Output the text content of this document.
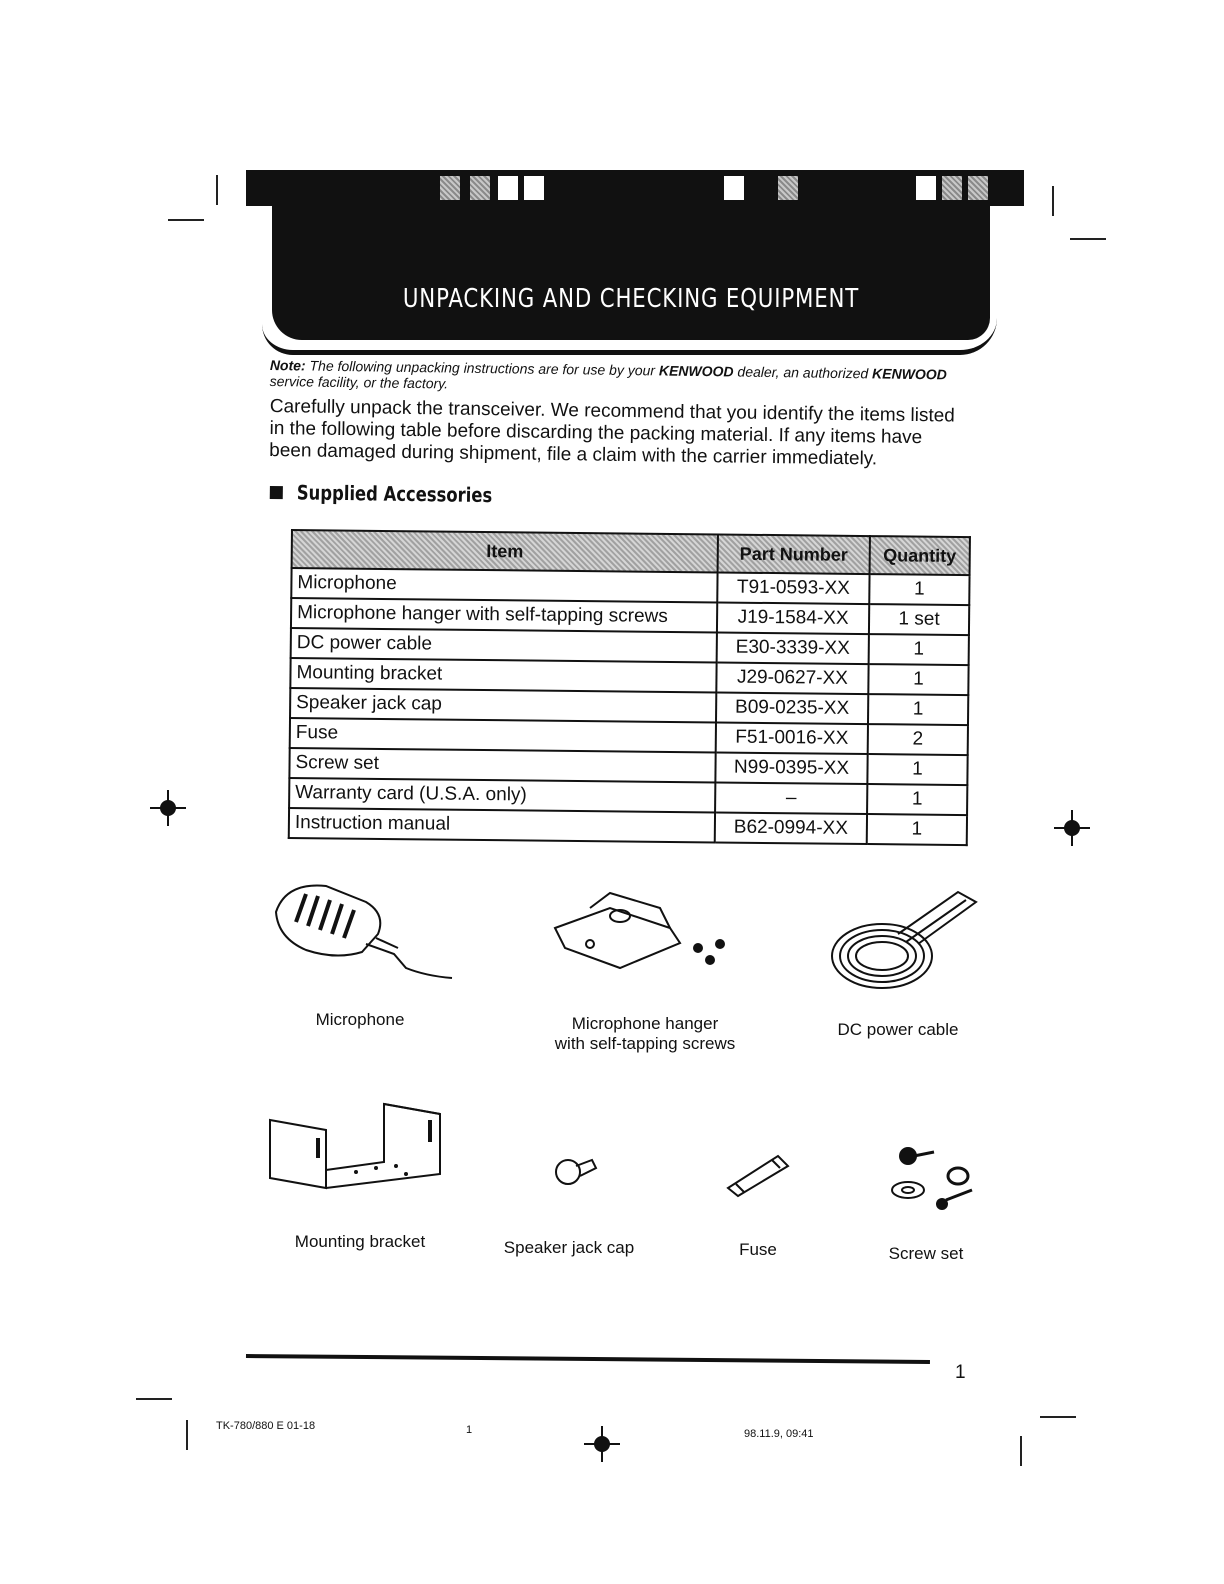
UNPACKING AND CHECKING EQUIPMENT
Note: The following unpacking instructions are for use by your KENWOOD dealer, an authorized KENWOOD service facility, or the factory.
Carefully unpack the transceiver. We recommend that you identify the items listed in the following table before discarding the packing material. If any items have been damaged during shipment, file a claim with the carrier immediately.
Supplied Accessories
Item	Part Number	Quantity
Microphone	T91-0593-XX	1
Microphone hanger with self-tapping screws	J19-1584-XX	1 set
DC power cable	E30-3339-XX	1
Mounting bracket	J29-0627-XX	1
Speaker jack cap	B09-0235-XX	1
Fuse	F51-0016-XX	2
Screw set	N99-0395-XX	1
Warranty card (U.S.A. only)	–	1
Instruction manual	B62-0994-XX	1
Microphone	Microphone hanger
with self-tapping screws
DC power cable
Mounting bracket	Speaker jack cap	Fuse	Screw set
1
TK-780/880 E 01-18	1	98.11.9, 09:41
